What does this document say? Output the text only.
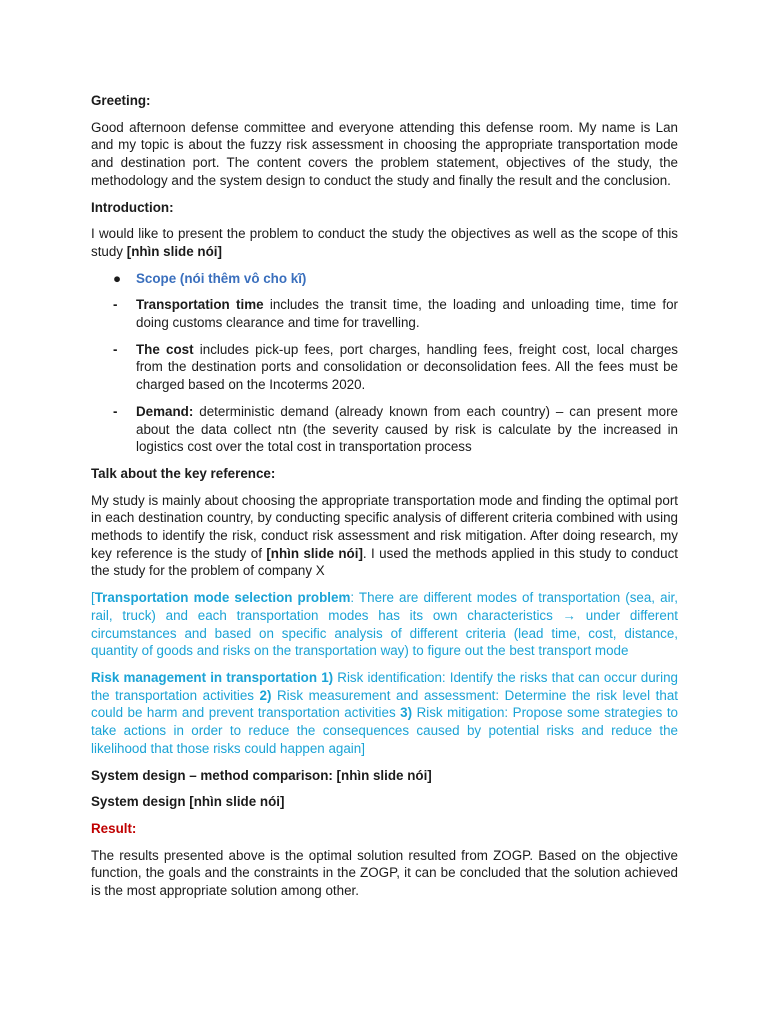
Greeting:

Good afternoon defense committee and everyone attending this defense room. My name is Lan and my topic is about the fuzzy risk assessment in choosing the appropriate transportation mode and destination port. The content covers the problem statement, objectives of the study, the methodology and the system design to conduct the study and finally the result and the conclusion.

Introduction:

I would like to present the problem to conduct the study the objectives as well as the scope of this study [nhìn slide nói]

● Scope (nói thêm vô cho kĩ)

- Transportation time includes the transit time, the loading and unloading time, time for doing customs clearance and time for travelling.

- The cost includes pick-up fees, port charges, handling fees, freight cost, local charges from the destination ports and consolidation or deconsolidation fees. All the fees must be charged based on the Incoterms 2020.

- Demand: deterministic demand (already known from each country) – can present more about the data collect ntn (the severity caused by risk is calculate by the increased in logistics cost over the total cost in transportation process

Talk about the key reference:

My study is mainly about choosing the appropriate transportation mode and finding the optimal port in each destination country, by conducting specific analysis of different criteria combined with using methods to identify the risk, conduct risk assessment and risk mitigation. After doing research, my key reference is the study of [nhìn slide nói]. I used the methods applied in this study to conduct the study for the problem of company X

[Transportation mode selection problem: There are different modes of transportation (sea, air, rail, truck) and each transportation modes has its own characteristics → under different circumstances and based on specific analysis of different criteria (lead time, cost, distance, quantity of goods and risks on the transportation way) to figure out the best transport mode

Risk management in transportation 1) Risk identification: Identify the risks that can occur during the transportation activities 2) Risk measurement and assessment: Determine the risk level that could be harm and prevent transportation activities 3) Risk mitigation: Propose some strategies to take actions in order to reduce the consequences caused by potential risks and reduce the likelihood that those risks could happen again]

System design – method comparison: [nhìn slide nói]

System design [nhìn slide nói]

Result:

The results presented above is the optimal solution resulted from ZOGP. Based on the objective function, the goals and the constraints in the ZOGP, it can be concluded that the solution achieved is the most appropriate solution among other.
